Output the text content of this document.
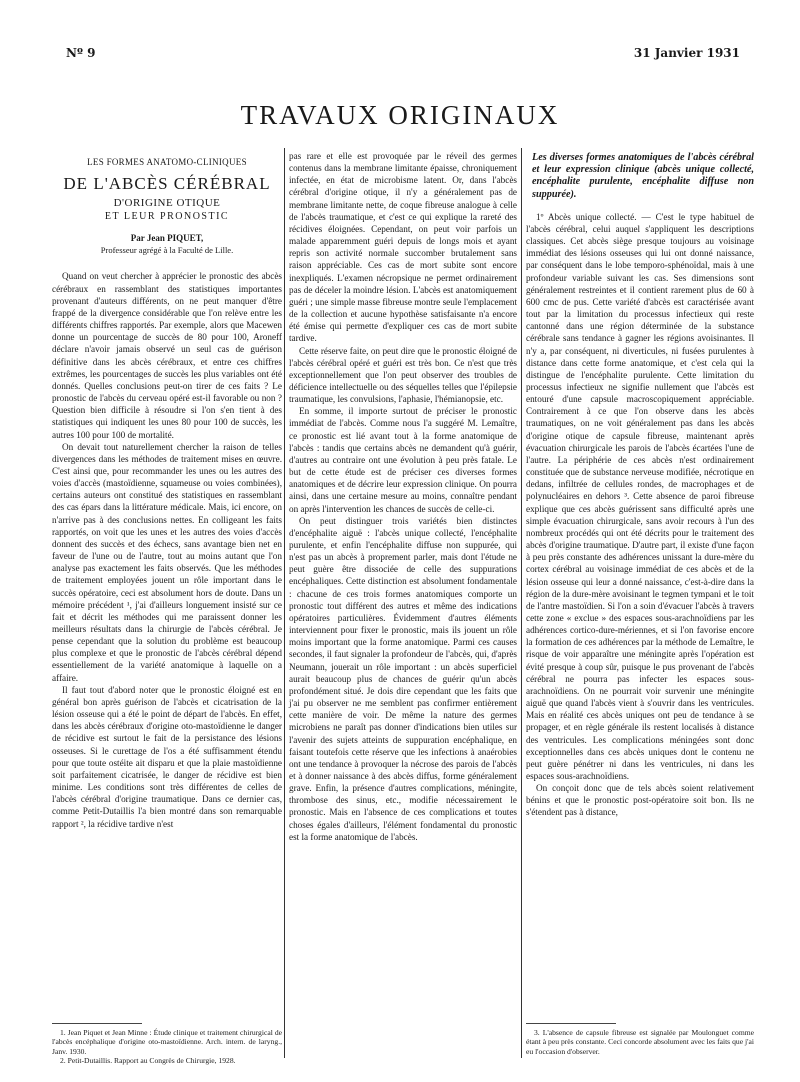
Nº 9	31 Janvier 1931
TRAVAUX ORIGINAUX
LES FORMES ANATOMO-CLINIQUES
DE L'ABCÈS CÉRÉBRAL
D'ORIGINE OTIQUE
ET LEUR PRONOSTIC
Par Jean PIQUET,
Professeur agrégé à la Faculté de Lille.

Quand on veut chercher à apprécier le pronostic des abcès cérébraux en rassemblant des statistiques importantes provenant d'auteurs différents, on ne peut manquer d'être frappé de la divergence considérable que l'on relève entre les différents chiffres rapportés. Par exemple, alors que Macewen donne un pourcentage de succès de 80 pour 100, Aroneff déclare n'avoir jamais observé un seul cas de guérison définitive dans les abcès cérébraux, et entre ces chiffres extrêmes, les pourcentages de succès les plus variables ont été donnés. Quelles conclusions peut-on tirer de ces faits ? Le pronostic de l'abcès du cerveau opéré est-il favorable ou non ? Question bien difficile à résoudre si l'on s'en tient à des statistiques qui indiquent les unes 80 pour 100 de succès, les autres 100 pour 100 de mortalité.

On devait tout naturellement chercher la raison de telles divergences dans les méthodes de traitement mises en œuvre. C'est ainsi que, pour recommander les unes ou les autres des voies d'accès (mastoïdienne, squameuse ou voies combinées), certains auteurs ont constitué des statistiques en rassemblant des cas épars dans la littérature médicale. Mais, ici encore, on n'arrive pas à des conclusions nettes. En colligeant les faits rapportés, on voit que les unes et les autres des voies d'accès donnent des succès et des échecs, sans avantage bien net en faveur de l'une ou de l'autre, tout au moins autant que l'on analyse pas exactement les faits observés. Que les méthodes de traitement employées jouent un rôle important dans le succès opératoire, ceci est absolument hors de doute. Dans un mémoire précédent ¹, j'ai d'ailleurs longuement insisté sur ce fait et décrit les méthodes qui me paraissent donner les meilleurs résultats dans la chirurgie de l'abcès cérébral. Je pense cependant que la solution du problème est beaucoup plus complexe et que le pronostic de l'abcès cérébral dépend essentiellement de la variété anatomique à laquelle on a affaire.

Il faut tout d'abord noter que le pronostic éloigné est en général bon après guérison de l'abcès et cicatrisation de la lésion osseuse qui a été le point de départ de l'abcès. En effet, dans les abcès cérébraux d'origine oto-mastoïdienne le danger de récidive est surtout le fait de la persistance des lésions osseuses. Si le curettage de l'os a été suffisamment étendu pour que toute ostéite ait disparu et que la plaie mastoïdienne soit parfaitement cicatrisée, le danger de récidive est bien minime. Les conditions sont très différentes de celles de l'abcès cérébral d'origine traumatique. Dans ce dernier cas, comme Petit-Dutaillis l'a bien montré dans son remarquable rapport ², la récidive tardive n'est

pas rare et elle est provoquée par le réveil des germes contenus dans la membrane limitante épaisse, chroniquement infectée, en état de microbisme latent. Or, dans l'abcès cérébral d'origine otique, il n'y a généralement pas de membrane limitante nette, de coque fibreuse analogue à celle de l'abcès traumatique, et c'est ce qui explique la rareté des récidives éloignées. Cependant, on peut voir parfois un malade apparemment guéri depuis de longs mois et ayant repris son activité normale succomber brutalement sans raison appréciable. Ces cas de mort subite sont encore inexpliqués. L'examen nécropsique ne permet ordinairement pas de déceler la moindre lésion. L'abcès est anatomiquement guéri ; une simple masse fibreuse montre seule l'emplacement de la collection et aucune hypothèse satisfaisante n'a encore été émise qui permette d'expliquer ces cas de mort subite tardive.

Cette réserve faite, on peut dire que le pronostic éloigné de l'abcès cérébral opéré et guéri est très bon. Ce n'est que très exceptionnellement que l'on peut observer des troubles de déficience intellectuelle ou des séquelles telles que l'épilepsie traumatique, les convulsions, l'aphasie, l'hémianopsie, etc.

En somme, il importe surtout de préciser le pronostic immédiat de l'abcès. Comme nous l'a suggéré M. Lemaître, ce pronostic est lié avant tout à la forme anatomique de l'abcès : tandis que certains abcès ne demandent qu'à guérir, d'autres au contraire ont une évolution à peu près fatale. Le but de cette étude est de préciser ces diverses formes anatomiques et de décrire leur expression clinique. On pourra ainsi, dans une certaine mesure au moins, connaître pendant on après l'intervention les chances de succès de celle-ci.

On peut distinguer trois variétés bien distinctes d'encéphalite aiguë : l'abcès unique collecté, l'encéphalite purulente, et enfin l'encéphalite diffuse non suppurée, qui n'est pas un abcès à proprement parler, mais dont l'étude ne peut guère être dissociée de celle des suppurations encéphaliques. Cette distinction est absolument fondamentale : chacune de ces trois formes anatomiques comporte un pronostic tout différent des autres et même des indications opératoires particulières. Évidemment d'autres éléments interviennent pour fixer le pronostic, mais ils jouent un rôle moins important que la forme anatomique. Parmi ces causes secondes, il faut signaler la profondeur de l'abcès, qui, d'après Neumann, jouerait un rôle important : un abcès superficiel aurait beaucoup plus de chances de guérir qu'un abcès profondément situé. Je dois dire cependant que les faits que j'ai pu observer ne me semblent pas confirmer entièrement cette manière de voir. De même la nature des germes microbiens ne paraît pas donner d'indications bien utiles sur l'avenir des sujets atteints de suppuration encéphalique, en faisant toutefois cette réserve que les infections à anaérobies ont une tendance à provoquer la nécrose des parois de l'abcès et à donner naissance à des abcès diffus, forme généralement grave. Enfin, la présence d'autres complications, méningite, thrombose des sinus, etc., modifie nécessairement le pronostic. Mais en l'absence de ces complications et toutes choses égales d'ailleurs, l'élément fondamental du pronostic est la forme anatomique de l'abcès.

Les diverses formes anatomiques de l'abcès cérébral et leur expression clinique (abcès unique collecté, encéphalite purulente, encéphalite diffuse non suppurée).

1º Abcès unique collecté. — C'est le type habituel de l'abcès cérébral, celui auquel s'appliquent les descriptions classiques. Cet abcès siège presque toujours au voisinage immédiat des lésions osseuses qui lui ont donné naissance, par conséquent dans le lobe temporo-sphénoïdal, mais à une profondeur variable suivant les cas. Ses dimensions sont généralement restreintes et il contient rarement plus de 60 à 600 cmc de pus. Cette variété d'abcès est caractérisée avant tout par la limitation du processus infectieux qui reste cantonné dans une région déterminée de la substance cérébrale sans tendance à gagner les régions avoisinantes. Il n'y a, par conséquent, ni diverticules, ni fusées purulentes à distance dans cette forme anatomique, et c'est cela qui la distingue de l'encéphalite purulente. Cette limitation du processus infectieux ne signifie nullement que l'abcès est entouré d'une capsule macroscopiquement appréciable. Contrairement à ce que l'on observe dans les abcès traumatiques, on ne voit généralement pas dans les abcès d'origine otique de capsule fibreuse, maintenant après évacuation chirurgicale les parois de l'abcès écartées l'une de l'autre. La périphérie de ces abcès n'est ordinairement constituée que de substance nerveuse modifiée, nécrotique en dedans, infiltrée de cellules rondes, de macrophages et de polynucléaires en dehors ³. Cette absence de paroi fibreuse explique que ces abcès guérissent sans difficulté après une simple évacuation chirurgicale, sans avoir recours à l'un des nombreux procédés qui ont été décrits pour le traitement des abcès d'origine traumatique. D'autre part, il existe d'une façon à peu près constante des adhérences unissant la dure-mère du cortex cérébral au voisinage immédiat de ces abcès et de la lésion osseuse qui leur a donné naissance, c'est-à-dire dans la région de la dure-mère avoisinant le tegmen tympani et le toit de l'antre mastoïdien. Si l'on a soin d'évacuer l'abcès à travers cette zone « exclue » des espaces sous-arachnoïdiens par les adhérences cortico-dure-mériennes, et si l'on favorise encore la formation de ces adhérences par la méthode de Lemaître, le risque de voir apparaître une méningite après l'opération est évité presque à coup sûr, puisque le pus provenant de l'abcès cérébral ne pourra pas infecter les espaces sous-arachnoïdiens. On ne pourrait voir survenir une méningite aiguë que quand l'abcès vient à s'ouvrir dans les ventricules. Mais en réalité ces abcès uniques ont peu de tendance à se propager, et en règle générale ils restent localisés à distance des ventricules. Les complications méningées sont donc exceptionnelles dans ces abcès uniques dont le contenu ne peut guère pénétrer ni dans les ventricules, ni dans les espaces sous-arachnoïdiens.

On conçoit donc que de tels abcès soient relativement bénins et que le pronostic post-opératoire soit bon. Ils ne s'étendent pas à distance,

1. Jean Piquet et Jean Minne : Étude clinique et traitement chirurgical de l'abcès encéphalique d'origine oto-mastoïdienne. Arch. intern. de laryng., Janv. 1930.

2. Petit-Dutaillis. Rapport au Congrès de Chirurgie, 1928.

3. L'absence de capsule fibreuse est signalée par Moulonguet comme étant à peu près constante. Ceci concorde absolument avec les faits que j'ai eu l'occasion d'observer.
